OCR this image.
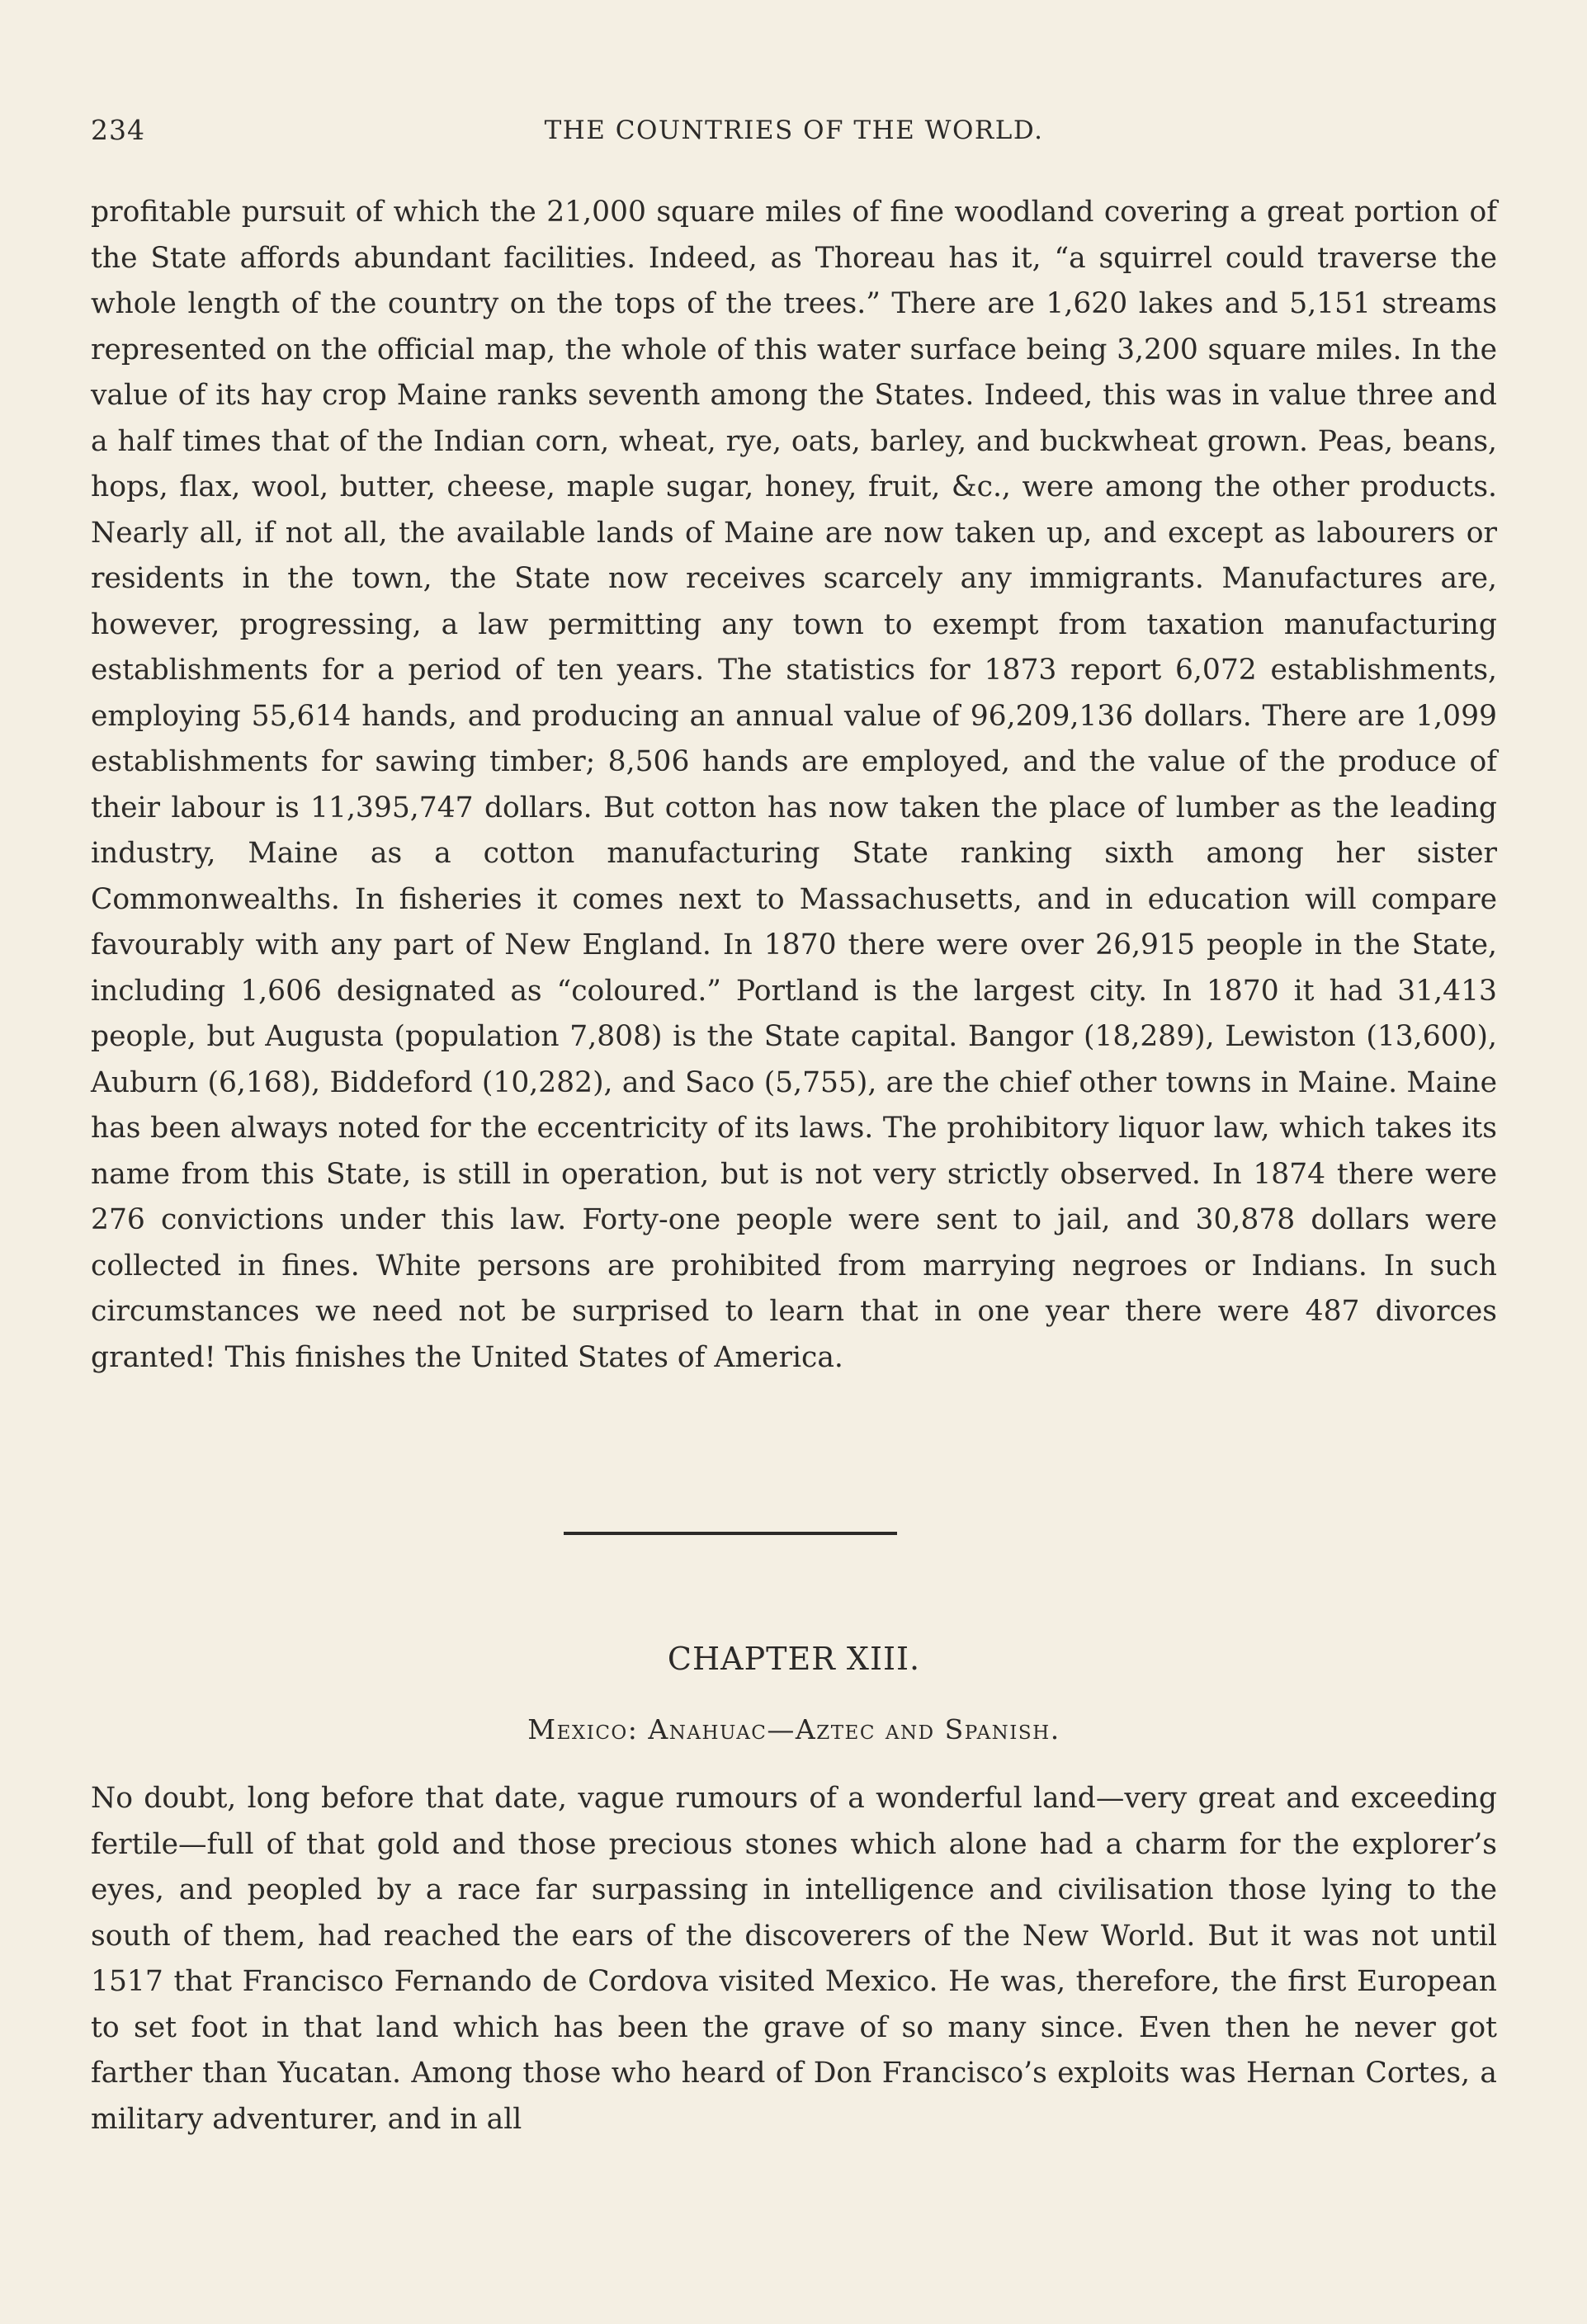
234	THE COUNTRIES OF THE WORLD.

profitable pursuit of which the 21,000 square miles of fine woodland covering a great portion of the State affords abundant facilities. Indeed, as Thoreau has it, “a squirrel could traverse the whole length of the country on the tops of the trees.” There are 1,620 lakes and 5,151 streams represented on the official map, the whole of this water surface being 3,200 square miles. In the value of its hay crop Maine ranks seventh among the States. Indeed, this was in value three and a half times that of the Indian corn, wheat, rye, oats, barley, and buckwheat grown. Peas, beans, hops, flax, wool, butter, cheese, maple sugar, honey, fruit, &c., were among the other products. Nearly all, if not all, the available lands of Maine are now taken up, and except as labourers or residents in the town, the State now receives scarcely any immigrants. Manufactures are, however, progressing, a law permitting any town to exempt from taxation manufacturing establishments for a period of ten years. The statistics for 1873 report 6,072 establishments, employing 55,614 hands, and producing an annual value of 96,209,136 dollars. There are 1,099 establishments for sawing timber; 8,506 hands are employed, and the value of the produce of their labour is 11,395,747 dollars. But cotton has now taken the place of lumber as the leading industry, Maine as a cotton manufacturing State ranking sixth among her sister Commonwealths. In fisheries it comes next to Massachusetts, and in education will compare favourably with any part of New England. In 1870 there were over 26,915 people in the State, including 1,606 designated as “coloured.” Portland is the largest city. In 1870 it had 31,413 people, but Augusta (population 7,808) is the State capital. Bangor (18,289), Lewiston (13,600), Auburn (6,168), Biddeford (10,282), and Saco (5,755), are the chief other towns in Maine. Maine has been always noted for the eccentricity of its laws. The prohibitory liquor law, which takes its name from this State, is still in operation, but is not very strictly observed. In 1874 there were 276 convictions under this law. Forty-one people were sent to jail, and 30,878 dollars were collected in fines. White persons are prohibited from marrying negroes or Indians. In such circumstances we need not be surprised to learn that in one year there were 487 divorces granted! This finishes the United States of America.

CHAPTER XIII.
Mexico: Anahuac—Aztec and Spanish.

No doubt, long before that date, vague rumours of a wonderful land—very great and exceeding fertile—full of that gold and those precious stones which alone had a charm for the explorer’s eyes, and peopled by a race far surpassing in intelligence and civilisation those lying to the south of them, had reached the ears of the discoverers of the New World. But it was not until 1517 that Francisco Fernando de Cordova visited Mexico. He was, therefore, the first European to set foot in that land which has been the grave of so many since. Even then he never got farther than Yucatan. Among those who heard of Don Francisco’s exploits was Hernan Cortes, a military adventurer, and in all
